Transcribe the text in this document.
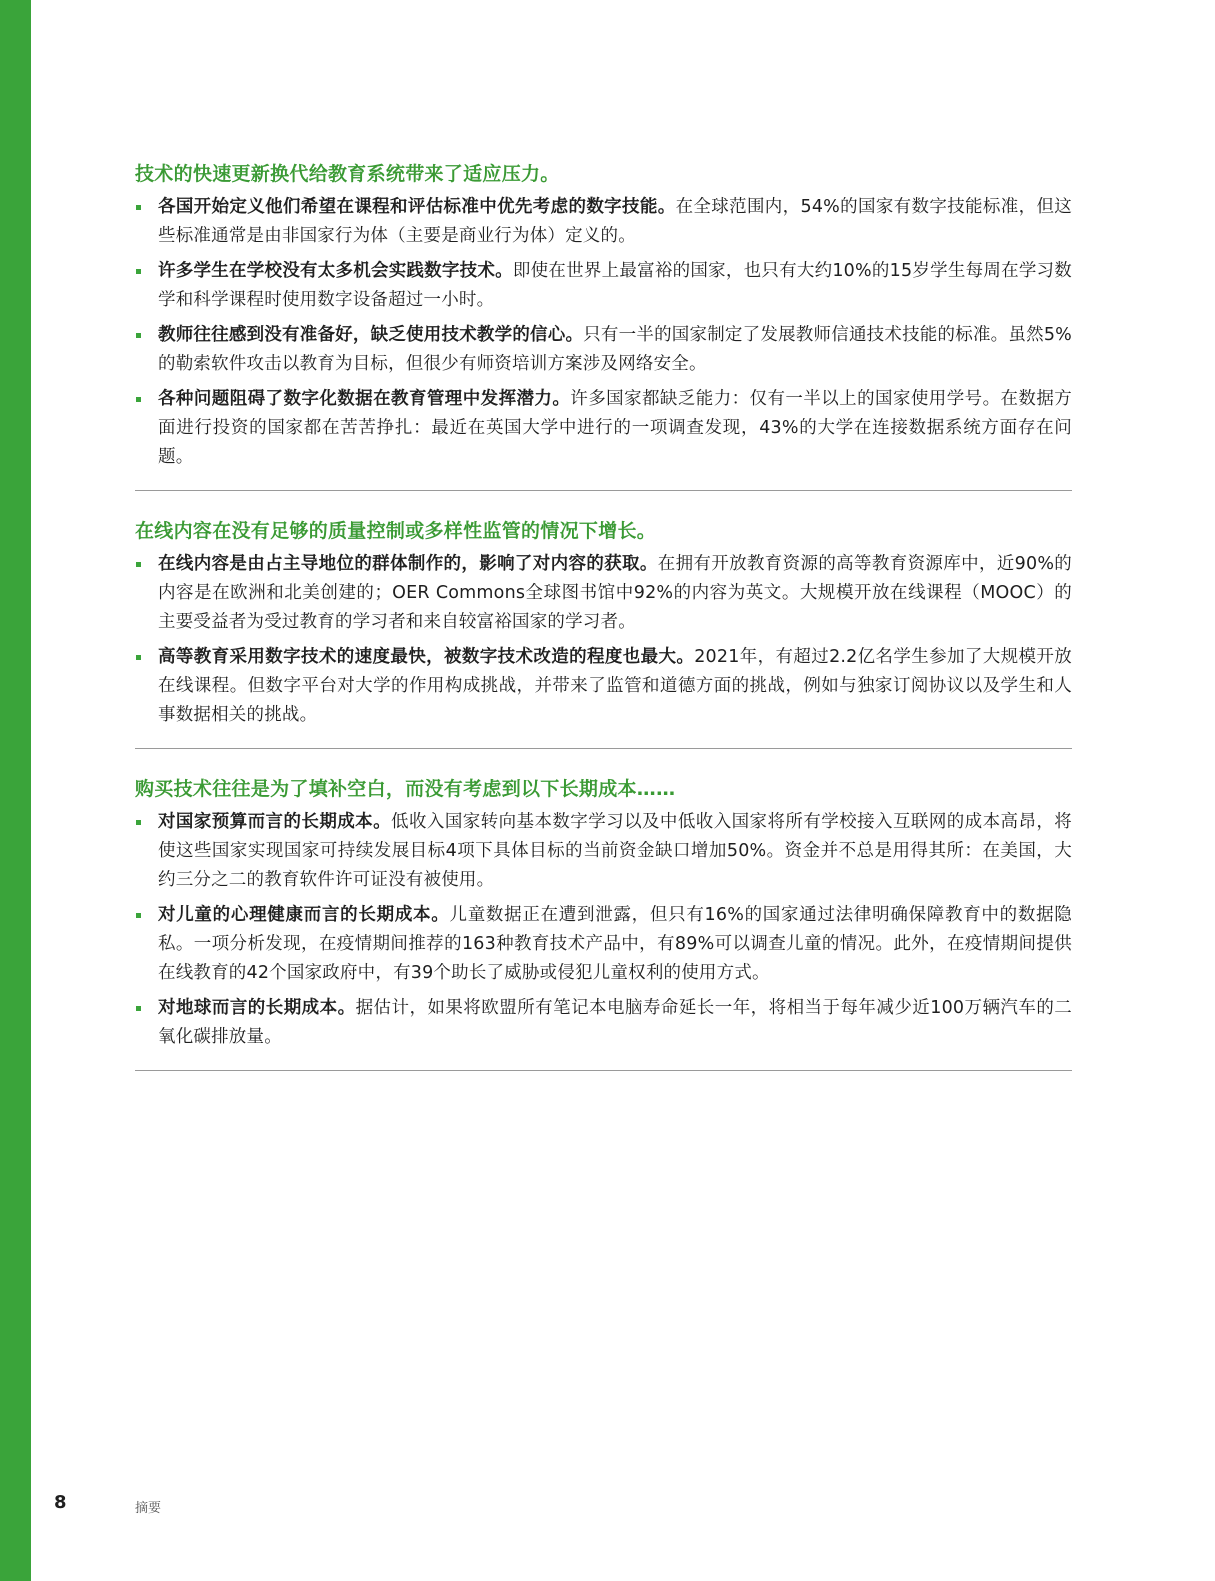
技术的快速更新换代给教育系统带来了适应压力。
各国开始定义他们希望在课程和评估标准中优先考虑的数字技能。在全球范围内，54%的国家有数字技能标准，但这些标准通常是由非国家行为体（主要是商业行为体）定义的。
许多学生在学校没有太多机会实践数字技术。即使在世界上最富裕的国家，也只有大约10%的15岁学生每周在学习数学和科学课程时使用数字设备超过一小时。
教师往往感到没有准备好，缺乏使用技术教学的信心。只有一半的国家制定了发展教师信通技术技能的标准。虽然5%的勒索软件攻击以教育为目标，但很少有师资培训方案涉及网络安全。
各种问题阻碍了数字化数据在教育管理中发挥潜力。许多国家都缺乏能力：仅有一半以上的国家使用学号。在数据方面进行投资的国家都在苦苦挣扎：最近在英国大学中进行的一项调查发现，43%的大学在连接数据系统方面存在问题。
在线内容在没有足够的质量控制或多样性监管的情况下增长。
在线内容是由占主导地位的群体制作的，影响了对内容的获取。在拥有开放教育资源的高等教育资源库中，近90%的内容是在欧洲和北美创建的；OER Commons全球图书馆中92%的内容为英文。大规模开放在线课程（MOOC）的主要受益者为受过教育的学习者和来自较富裕国家的学习者。
高等教育采用数字技术的速度最快，被数字技术改造的程度也最大。2021年，有超过2.2亿名学生参加了大规模开放在线课程。但数字平台对大学的作用构成挑战，并带来了监管和道德方面的挑战，例如与独家订阅协议以及学生和人事数据相关的挑战。
购买技术往往是为了填补空白，而没有考虑到以下长期成本……
对国家预算而言的长期成本。低收入国家转向基本数字学习以及中低收入国家将所有学校接入互联网的成本高昂，将使这些国家实现国家可持续发展目标4项下具体目标的当前资金缺口增加50%。资金并不总是用得其所：在美国，大约三分之二的教育软件许可证没有被使用。
对儿童的心理健康而言的长期成本。儿童数据正在遭到泄露，但只有16%的国家通过法律明确保障教育中的数据隐私。一项分析发现，在疫情期间推荐的163种教育技术产品中，有89%可以调查儿童的情况。此外，在疫情期间提供在线教育的42个国家政府中，有39个助长了威胁或侵犯儿童权利的使用方式。
对地球而言的长期成本。据估计，如果将欧盟所有笔记本电脑寿命延长一年，将相当于每年减少近100万辆汽车的二氧化碳排放量。
8	摘要
